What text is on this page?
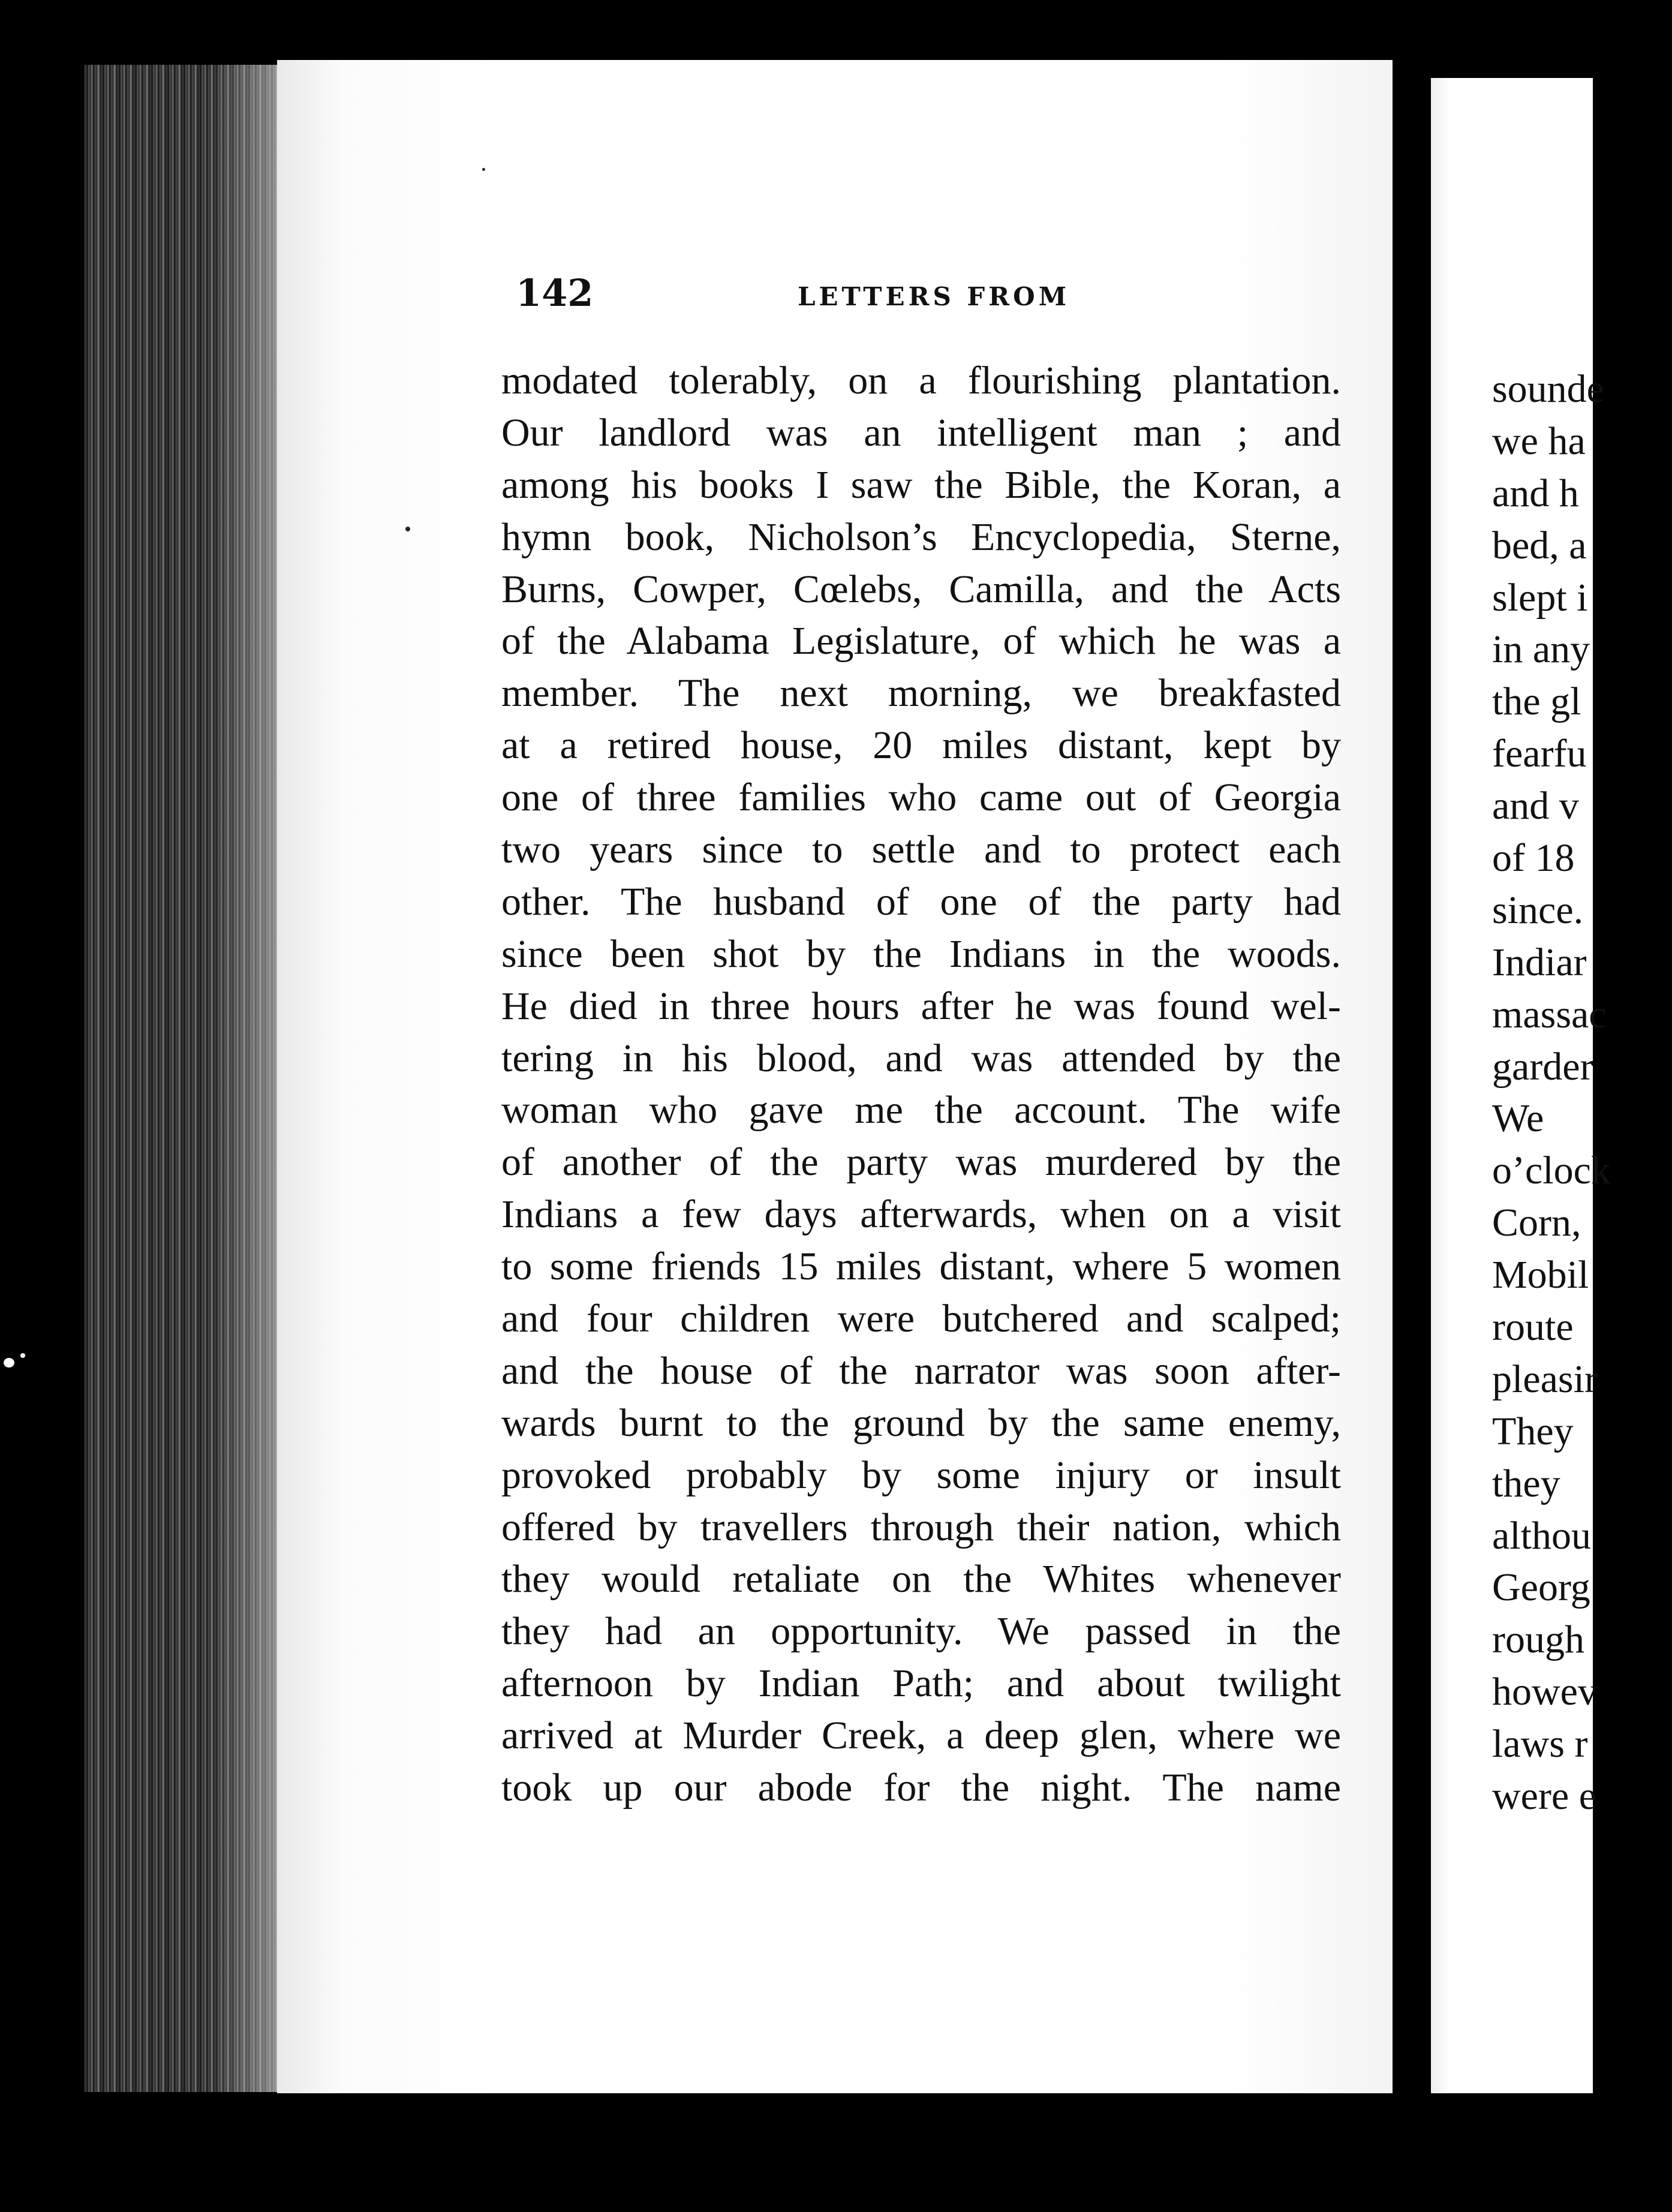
142	LETTERS FROM
modated tolerably, on a flourishing plantation.
Our landlord was an intelligent man ; and
among his books I saw the Bible, the Koran, a
hymn book, Nicholson’s Encyclopedia, Sterne,
Burns, Cowper, Cœlebs, Camilla, and the Acts
of the Alabama Legislature, of which he was a
member. The next morning, we breakfasted
at a retired house, 20 miles distant, kept by
one of three families who came out of Georgia
two years since to settle and to protect each
other. The husband of one of the party had
since been shot by the Indians in the woods.
He died in three hours after he was found wel-
tering in his blood, and was attended by the
woman who gave me the account. The wife
of another of the party was murdered by the
Indians a few days afterwards, when on a visit
to some friends 15 miles distant, where 5 women
and four children were butchered and scalped;
and the house of the narrator was soon after-
wards burnt to the ground by the same enemy,
provoked probably by some injury or insult
offered by travellers through their nation, which
they would retaliate on the Whites whenever
they had an opportunity. We passed in the
afternoon by Indian Path; and about twilight
arrived at Murder Creek, a deep glen, where we
took up our abode for the night. The name
sounde
we ha
and h
bed, a
slept i
in any
the gl
fearfu
and v
of 18
since.
Indiar
massac
garder
We
o’clock
Corn,
Mobil
route
pleasir
They
they
althou
Georg
rough
howev
laws r
were e
